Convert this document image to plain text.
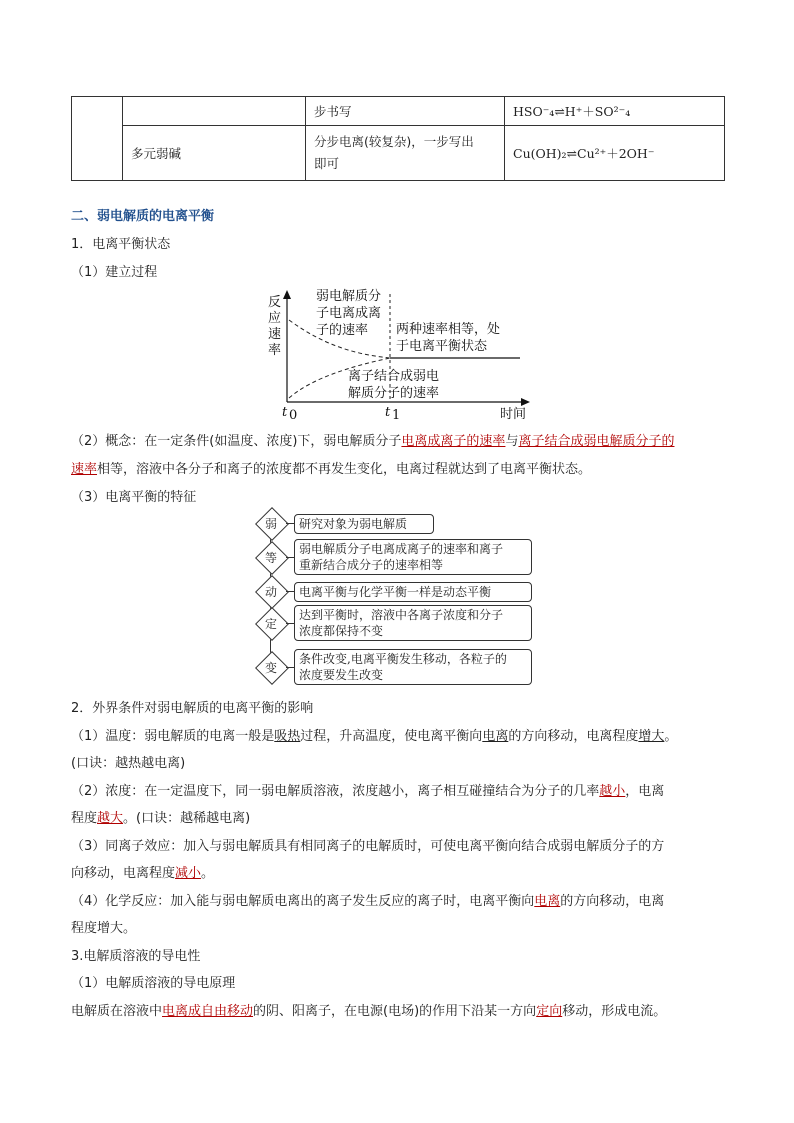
		步书写	HSO⁻₄⇌H⁺＋SO²⁻₄
	多元弱碱	分步电离(较复杂)，一步写出
即可	Cu(OH)₂⇌Cu²⁺＋2OH⁻
二、弱电解质的电离平衡
1．电离平衡状态
（1）建立过程
反
应
速
率
弱电解质分
子电离成离
子的速率 两种速率相等，处
于电离平衡状态
离子结合成弱电
解质分子的速率
t 0	t 1	时间
（2）概念：在一定条件(如温度、浓度)下，弱电解质分子电离成离子的速率与离子结合成弱电解质分子的
速率相等，溶液中各分子和离子的浓度都不再发生变化，电离过程就达到了电离平衡状态。
（3）电离平衡的特征
弱	研究对象为弱电解质
等
弱电解质分子电离成离子的速率和离子
重新结合成分子的速率相等
动	电离平衡与化学平衡一样是动态平衡
定
达到平衡时，溶液中各离子浓度和分子
浓度都保持不变
变
条件改变,电离平衡发生移动，各粒子的
浓度要发生改变
2．外界条件对弱电解质的电离平衡的影响
（1）温度：弱电解质的电离一般是吸热过程，升高温度，使电离平衡向电离的方向移动，电离程度增大。
(口诀：越热越电离)
（2）浓度：在一定温度下，同一弱电解质溶液，浓度越小，离子相互碰撞结合为分子的几率越小，电离
程度越大。(口诀：越稀越电离)
（3）同离子效应：加入与弱电解质具有相同离子的电解质时，可使电离平衡向结合成弱电解质分子的方
向移动，电离程度减小。
（4）化学反应：加入能与弱电解质电离出的离子发生反应的离子时，电离平衡向电离的方向移动，电离
程度增大。
3.电解质溶液的导电性
（1）电解质溶液的导电原理
电解质在溶液中电离成自由移动的阴、阳离子，在电源(电场)的作用下沿某一方向定向移动，形成电流。
